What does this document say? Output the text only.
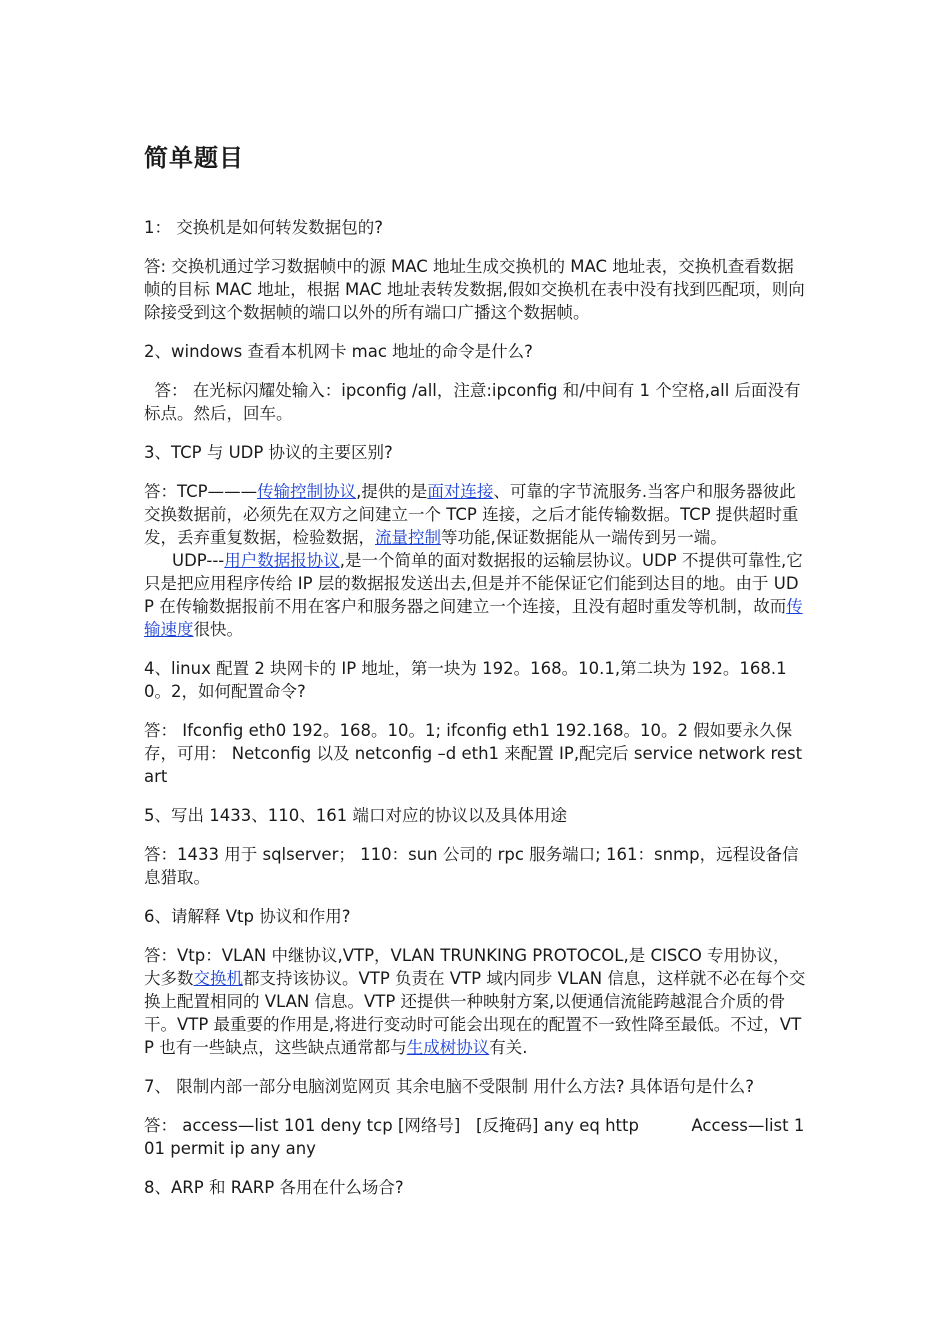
简单题目

1： 交换机是如何转发数据包的?

答: 交换机通过学习数据帧中的源 MAC 地址生成交换机的 MAC 地址表，交换机查看数据帧的目标 MAC 地址，根据 MAC 地址表转发数据,假如交换机在表中没有找到匹配项，则向除接受到这个数据帧的端口以外的所有端口广播这个数据帧。

2、windows 查看本机网卡 mac 地址的命令是什么?

答： 在光标闪耀处输入：ipconfig /all，注意:ipconfig 和/中间有 1 个空格,all 后面没有标点。然后，回车。

3、TCP 与 UDP 协议的主要区别?

答：TCP———传输控制协议,提供的是面对连接、可靠的字节流服务.当客户和服务器彼此交换数据前，必须先在双方之间建立一个 TCP 连接，之后才能传输数据。TCP 提供超时重发，丢弃重复数据，检验数据，流量控制等功能,保证数据能从一端传到另一端。

UDP---用户数据报协议,是一个简单的面对数据报的运输层协议。UDP 不提供可靠性,它只是把应用程序传给 IP 层的数据报发送出去,但是并不能保证它们能到达目的地。由于 UDP 在传输数据报前不用在客户和服务器之间建立一个连接，且没有超时重发等机制，故而传输速度很快。

4、linux 配置 2 块网卡的 IP 地址，第一块为 192。168。10.1,第二块为 192。168.10。2，如何配置命令?

答： Ifconfig eth0 192。168。10。1; ifconfig eth1 192.168。10。2 假如要永久保存，可用： Netconfig 以及 netconfig –d eth1 来配置 IP,配完后 service network restart

5、写出 1433、110、161 端口对应的协议以及具体用途

答：1433 用于 sqlserver； 110：sun 公司的 rpc 服务端口; 161：snmp，远程设备信息猎取。

6、请解释 Vtp 协议和作用?

答：Vtp：VLAN 中继协议,VTP，VLAN TRUNKING PROTOCOL,是 CISCO 专用协议，大多数交换机都支持该协议。VTP 负责在 VTP 域内同步 VLAN 信息，这样就不必在每个交换上配置相同的 VLAN 信息。VTP 还提供一种映射方案,以便通信流能跨越混合介质的骨干。VTP 最重要的作用是,将进行变动时可能会出现在的配置不一致性降至最低。不过，VTP 也有一些缺点，这些缺点通常都与生成树协议有关.

7、 限制内部一部分电脑浏览网页 其余电脑不受限制 用什么方法? 具体语句是什么?

答： access—list 101 deny tcp [网络号]   [反掩码] any eq http          Access—list 101 permit ip any any

8、ARP 和 RARP 各用在什么场合?
